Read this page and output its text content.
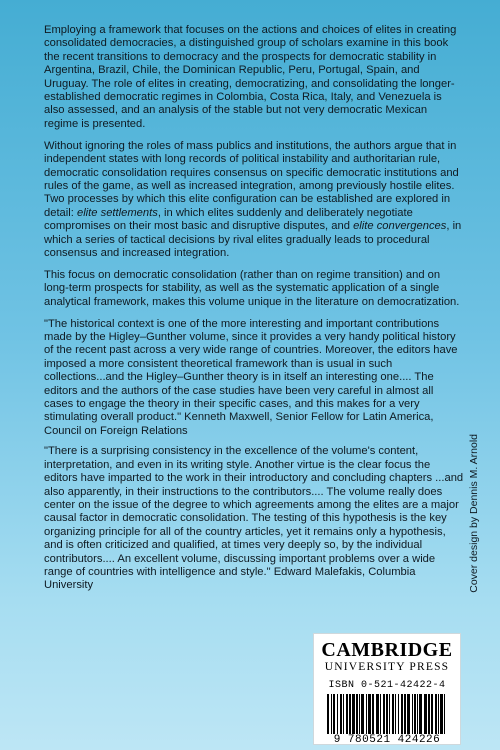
Employing a framework that focuses on the actions and choices of elites in creating consolidated democracies, a distinguished group of scholars examine in this book the recent transitions to democracy and the prospects for democratic stability in Argentina, Brazil, Chile, the Dominican Republic, Peru, Portugal, Spain, and Uruguay. The role of elites in creating, democratizing, and consolidating the longer-established democratic regimes in Colombia, Costa Rica, Italy, and Venezuela is also assessed, and an analysis of the stable but not very democratic Mexican regime is presented.

Without ignoring the roles of mass publics and institutions, the authors argue that in independent states with long records of political instability and authoritarian rule, democratic consolidation requires consensus on specific democratic institutions and rules of the game, as well as increased integration, among previously hostile elites. Two processes by which this elite configuration can be established are explored in detail: elite settlements, in which elites suddenly and deliberately negotiate compromises on their most basic and disruptive disputes, and elite convergences, in which a series of tactical decisions by rival elites gradually leads to procedural consensus and increased integration.

This focus on democratic consolidation (rather than on regime transition) and on long-term prospects for stability, as well as the systematic application of a single analytical framework, makes this volume unique in the literature on democratization.

"The historical context is one of the more interesting and important contributions made by the Higley–Gunther volume, since it provides a very handy political history of the recent past across a very wide range of countries. Moreover, the editors have imposed a more consistent theoretical framework than is usual in such collections...and the Higley–Gunther theory is in itself an interesting one.... The editors and the authors of the case studies have been very careful in almost all cases to engage the theory in their specific cases, and this makes for a very stimulating overall product." Kenneth Maxwell, Senior Fellow for Latin America, Council on Foreign Relations

"There is a surprising consistency in the excellence of the volume's content, interpretation, and even in its writing style. Another virtue is the clear focus the editors have imparted to the work in their introductory and concluding chapters ...and also apparently, in their instructions to the contributors.... The volume really does center on the issue of the degree to which agreements among the elites are a major causal factor in democratic consolidation. The testing of this hypothesis is the key organizing principle for all of the country articles, yet it remains only a hypothesis, and is often criticized and qualified, at times very deeply so, by the individual contributors.... An excellent volume, discussing important problems over a wide range of countries with intelligence and style." Edward Malefakis, Columbia University	Cover design by Dennis M. Arnold
CAMBRIDGE
UNIVERSITY PRESS
ISBN 0-521-42422-4
9 780521 424226
